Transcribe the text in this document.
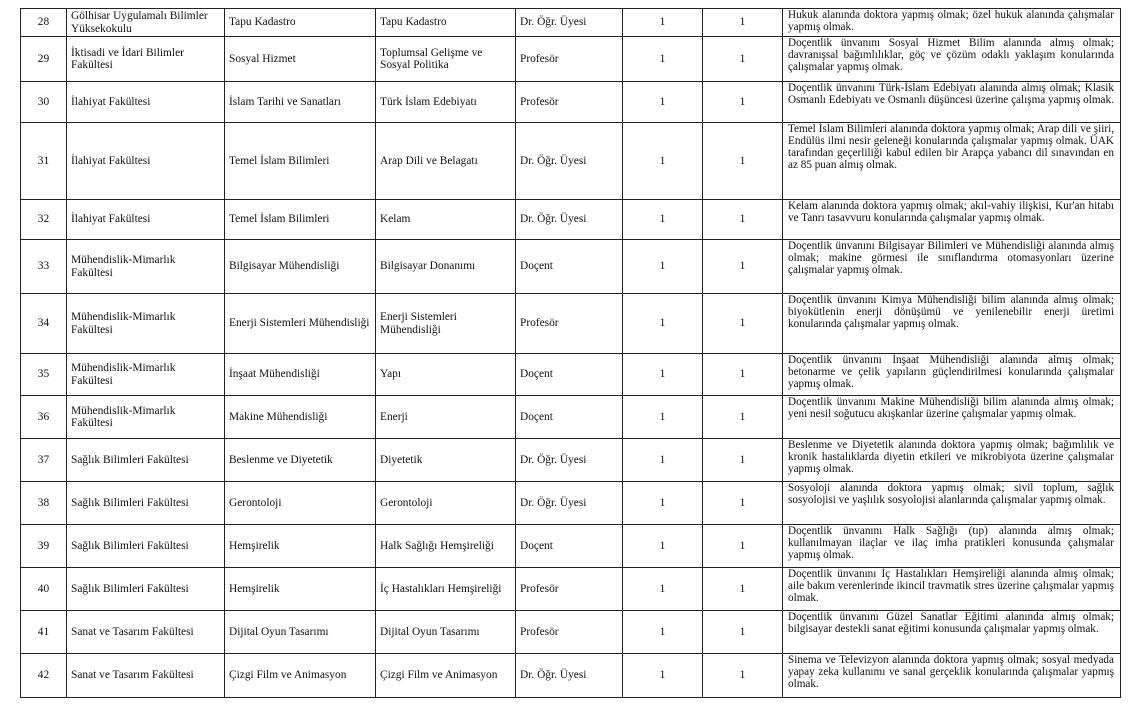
28	Gölhisar Uygulamalı Bilimler Yüksekokulu	Tapu Kadastro	Tapu Kadastro	Dr. Öğr. Üyesi	1	1	Hukuk alanında doktora yapmış olmak; özel hukuk alanında çalışmalar yapmış olmak.
29	İktisadi ve İdari Bilimler Fakültesi	Sosyal Hizmet	Toplumsal Gelişme ve Sosyal Politika	Profesör	1	1	Doçentlik ünvanını Sosyal Hizmet Bilim alanında almış olmak; davranışsal bağımlılıklar, göç ve çözüm odaklı yaklaşım konularında çalışmalar yapmış olmak.
30	İlahiyat Fakültesi	İslam Tarihi ve Sanatları	Türk İslam Edebiyatı	Profesör	1	1	Doçentlik ünvanını Türk-İslam Edebiyatı alanında almış olmak; Klasik Osmanlı Edebiyatı ve Osmanlı düşüncesi üzerine çalışma yapmış olmak.
31	İlahiyat Fakültesi	Temel İslam Bilimleri	Arap Dili ve Belagatı	Dr. Öğr. Üyesi	1	1	Temel İslam Bilimleri alanında doktora yapmış olmak; Arap dili ve şiiri, Endülüs ilmi nesir geleneği konularında çalışmalar yapmış olmak. ÜAK tarafından geçerliliği kabul edilen bir Arapça yabancı dil sınavından en az 85 puan almış olmak.
32	İlahiyat Fakültesi	Temel İslam Bilimleri	Kelam	Dr. Öğr. Üyesi	1	1	Kelam alanında doktora yapmış olmak; akıl-vahiy ilişkisi, Kur'an hitabı ve Tanrı tasavvuru konularında çalışmalar yapmış olmak.
33	Mühendislik-Mimarlık Fakültesi	Bilgisayar Mühendisliği	Bilgisayar Donanımı	Doçent	1	1	Doçentlik ünvanını Bilgisayar Bilimleri ve Mühendisliği alanında almış olmak; makine görmesi ile sınıflandırma otomasyonları üzerine çalışmalar yapmış olmak.
34	Mühendislik-Mimarlık Fakültesi	Enerji Sistemleri Mühendisliği	Enerji Sistemleri Mühendisliği	Profesör	1	1	Doçentlik ünvanını Kimya Mühendisliği bilim alanında almış olmak; biyokütlenin enerji dönüşümü ve yenilenebilir enerji üretimi konularında çalışmalar yapmış olmak.
35	Mühendislik-Mimarlık Fakültesi	İnşaat Mühendisliği	Yapı	Doçent	1	1	Doçentlik ünvanını İnşaat Mühendisliği alanında almış olmak; betonarme ve çelik yapıların güçlendirilmesi konularında çalışmalar yapmış olmak.
36	Mühendislik-Mimarlık Fakültesi	Makine Mühendisliği	Enerji	Doçent	1	1	Doçentlik ünvanını Makine Mühendisliği bilim alanında almış olmak; yeni nesil soğutucu akışkanlar üzerine çalışmalar yapmış olmak.
37	Sağlık Bilimleri Fakültesi	Beslenme ve Diyetetik	Diyetetik	Dr. Öğr. Üyesi	1	1	Beslenme ve Diyetetik alanında doktora yapmış olmak; bağımlılık ve kronik hastalıklarda diyetin etkileri ve mikrobiyota üzerine çalışmalar yapmış olmak.
38	Sağlık Bilimleri Fakültesi	Gerontoloji	Gerontoloji	Dr. Öğr. Üyesi	1	1	Sosyoloji alanında doktora yapmış olmak; sivil toplum, sağlık sosyolojisi ve yaşlılık sosyolojisi alanlarında çalışmalar yapmış olmak.
39	Sağlık Bilimleri Fakültesi	Hemşirelik	Halk Sağlığı Hemşireliği	Doçent	1	1	Doçentlik ünvanını Halk Sağlığı (tıp) alanında almış olmak; kullanılmayan ilaçlar ve ilaç imha pratikleri konusunda çalışmalar yapmış olmak.
40	Sağlık Bilimleri Fakültesi	Hemşirelik	İç Hastalıkları Hemşireliği	Profesör	1	1	Doçentlik ünvanını İç Hastalıkları Hemşireliği alanında almış olmak; aile bakım verenlerinde ikincil travmatik stres üzerine çalışmalar yapmış olmak.
41	Sanat ve Tasarım Fakültesi	Dijital Oyun Tasarımı	Dijital Oyun Tasarımı	Profesör	1	1	Doçentlik ünvanını Güzel Sanatlar Eğitimi alanında almış olmak; bilgisayar destekli sanat eğitimi konusunda çalışmalar yapmış olmak.
42	Sanat ve Tasarım Fakültesi	Çizgi Film ve Animasyon	Çizgi Film ve Animasyon	Dr. Öğr. Üyesi	1	1	Sinema ve Televizyon alanında doktora yapmış olmak; sosyal medyada yapay zeka kullanımı ve sanal gerçeklik konularında çalışmalar yapmış olmak.
